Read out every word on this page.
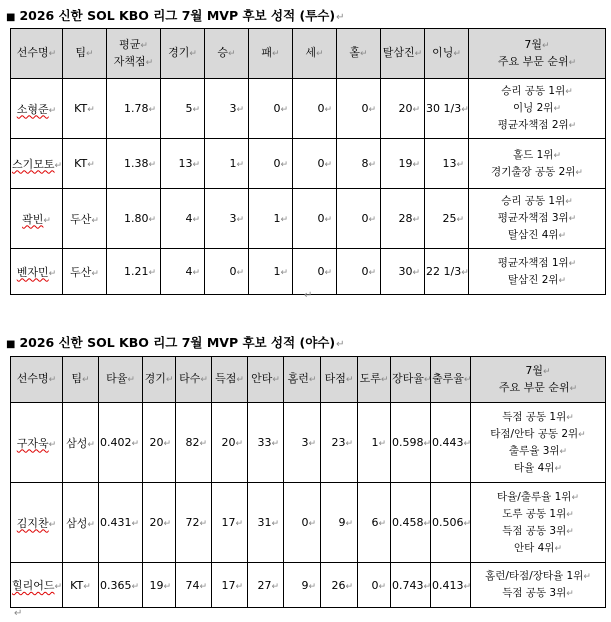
■ 2026 신한 SOL KBO 리그 7월 MVP 후보 성적 (투수)↵
선수명↵	팀↵	평균↵
자책점↵	경기↵	승↵	패↵	세↵	홀↵	탈삼진↵	이닝↵	7월↵
주요 부문 순위↵
소형준↵	KT↵	1.78↵	5↵	3↵	0↵	0↵	0↵	20↵	30 1/3↵	승리 공동 1위↵
이닝 2위↵
평균자책점 2위↵
스기모토↵	KT↵	1.38↵	13↵	1↵	0↵	0↵	8↵	19↵	13↵	홀드 1위↵
경기출장 공동 2위↵
곽빈↵	두산↵	1.80↵	4↵	3↵	1↵	0↵	0↵	28↵	25↵	승리 공동 1위↵
평균자책점 3위↵
탈삼진 4위↵
벤자민↵	두산↵	1.21↵	4↵	0↵	1↵	0↵	0↵	30↵	22 1/3↵	평균자책점 1위↵
탈삼진 2위↵
↵
■ 2026 신한 SOL KBO 리그 7월 MVP 후보 성적 (야수)↵
선수명↵	팀↵	타율↵	경기↵	타수↵	득점↵	안타↵	홈런↵	타점↵	도루↵	장타율↵	출루율↵	7월↵
주요 부문 순위↵
구자욱↵	삼성↵	0.402↵	20↵	82↵	20↵	33↵	3↵	23↵	1↵	0.598↵	0.443↵	득점 공동 1위↵
타점/안타 공동 2위↵
출루율 3위↵
타율 4위↵
김지찬↵	삼성↵	0.431↵	20↵	72↵	17↵	31↵	0↵	9↵	6↵	0.458↵	0.506↵	타율/출루율 1위↵
도루 공동 1위↵
득점 공동 3위↵
안타 4위↵
힐리어드↵	KT↵	0.365↵	19↵	74↵	17↵	27↵	9↵	26↵	0↵	0.743↵	0.413↵	홈런/타점/장타율 1위↵
득점 공동 3위↵
↵
